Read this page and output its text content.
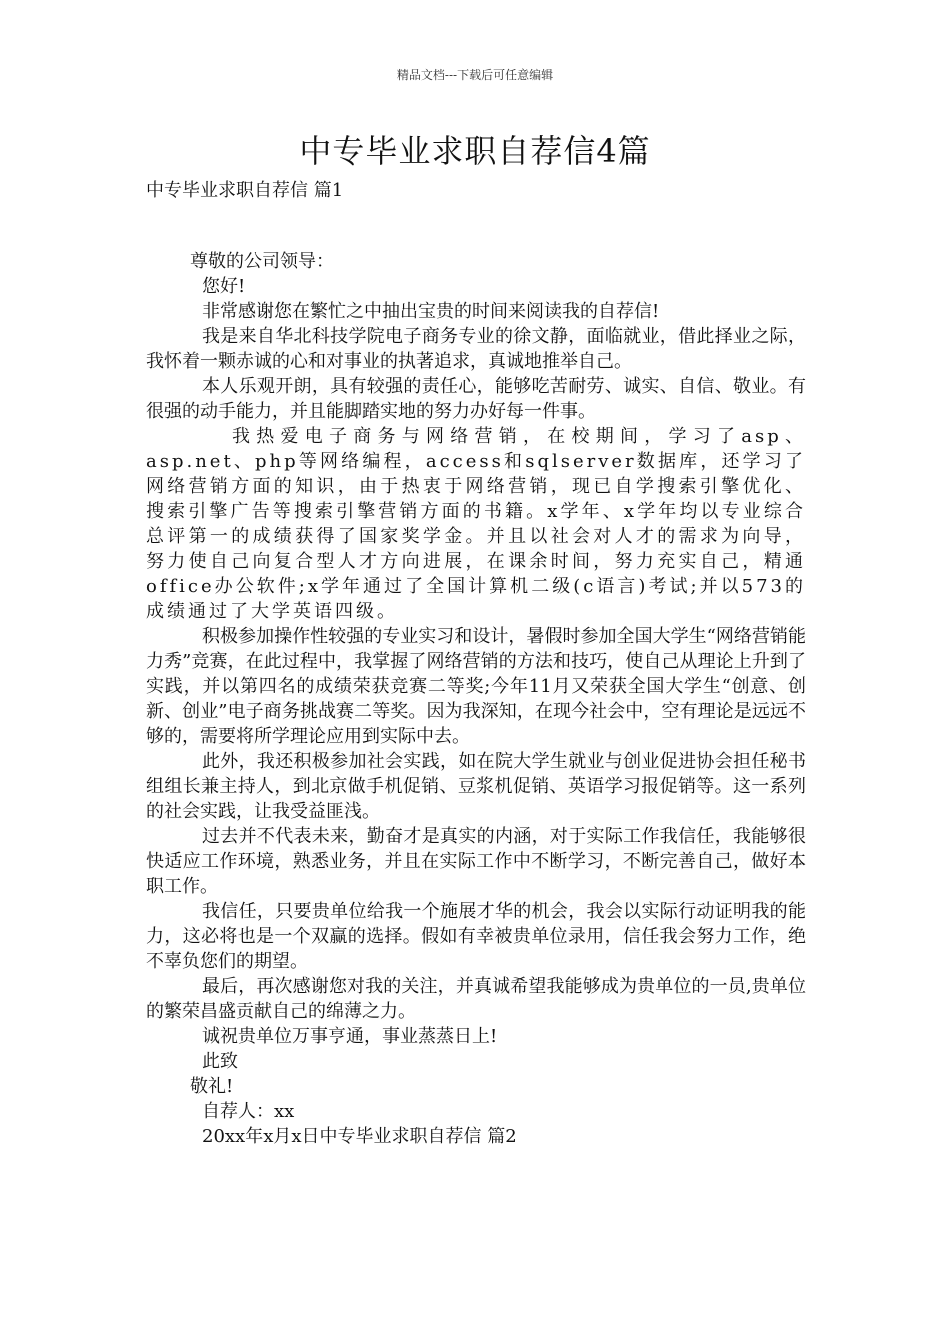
精品文档---下载后可任意编辑
中专毕业求职自荐信4篇
中专毕业求职自荐信 篇1

尊敬的公司领导：

您好!

非常感谢您在繁忙之中抽出宝贵的时间来阅读我的自荐信!

我是来自华北科技学院电子商务专业的徐文静，面临就业，借此择业之际，我怀着一颗赤诚的心和对事业的执著追求，真诚地推举自己。

本人乐观开朗，具有较强的责任心，能够吃苦耐劳、诚实、自信、敬业。有很强的动手能力，并且能脚踏实地的努力办好每一件事。

我热爱电子商务与网络营销，在校期间，学习了asp、asp.net、php等网络编程，access和sqlserver数据库，还学习了网络营销方面的知识，由于热衷于网络营销，现已自学搜索引擎优化、搜索引擎广告等搜索引擎营销方面的书籍。x学年、x学年均以专业综合总评第一的成绩获得了国家奖学金。并且以社会对人才的需求为向导，努力使自己向复合型人才方向进展，在课余时间，努力充实自己，精通office办公软件;x学年通过了全国计算机二级(c语言)考试;并以573的成绩通过了大学英语四级。

积极参加操作性较强的专业实习和设计，暑假时参加全国大学生“网络营销能力秀”竞赛，在此过程中，我掌握了网络营销的方法和技巧，使自己从理论上升到了实践，并以第四名的成绩荣获竞赛二等奖;今年11月又荣获全国大学生“创意、创新、创业”电子商务挑战赛二等奖。因为我深知，在现今社会中，空有理论是远远不够的，需要将所学理论应用到实际中去。

此外，我还积极参加社会实践，如在院大学生就业与创业促进协会担任秘书组组长兼主持人，到北京做手机促销、豆浆机促销、英语学习报促销等。这一系列的社会实践，让我受益匪浅。

过去并不代表未来，勤奋才是真实的内涵，对于实际工作我信任，我能够很快适应工作环境，熟悉业务，并且在实际工作中不断学习，不断完善自己，做好本职工作。

我信任，只要贵单位给我一个施展才华的机会，我会以实际行动证明我的能力，这必将也是一个双赢的选择。假如有幸被贵单位录用，信任我会努力工作，绝不辜负您们的期望。

最后，再次感谢您对我的关注，并真诚希望我能够成为贵单位的一员,贵单位的繁荣昌盛贡献自己的绵薄之力。

诚祝贵单位万事亨通，事业蒸蒸日上!

此致

敬礼!

自荐人：xx

20xx年x月x日中专毕业求职自荐信 篇2
